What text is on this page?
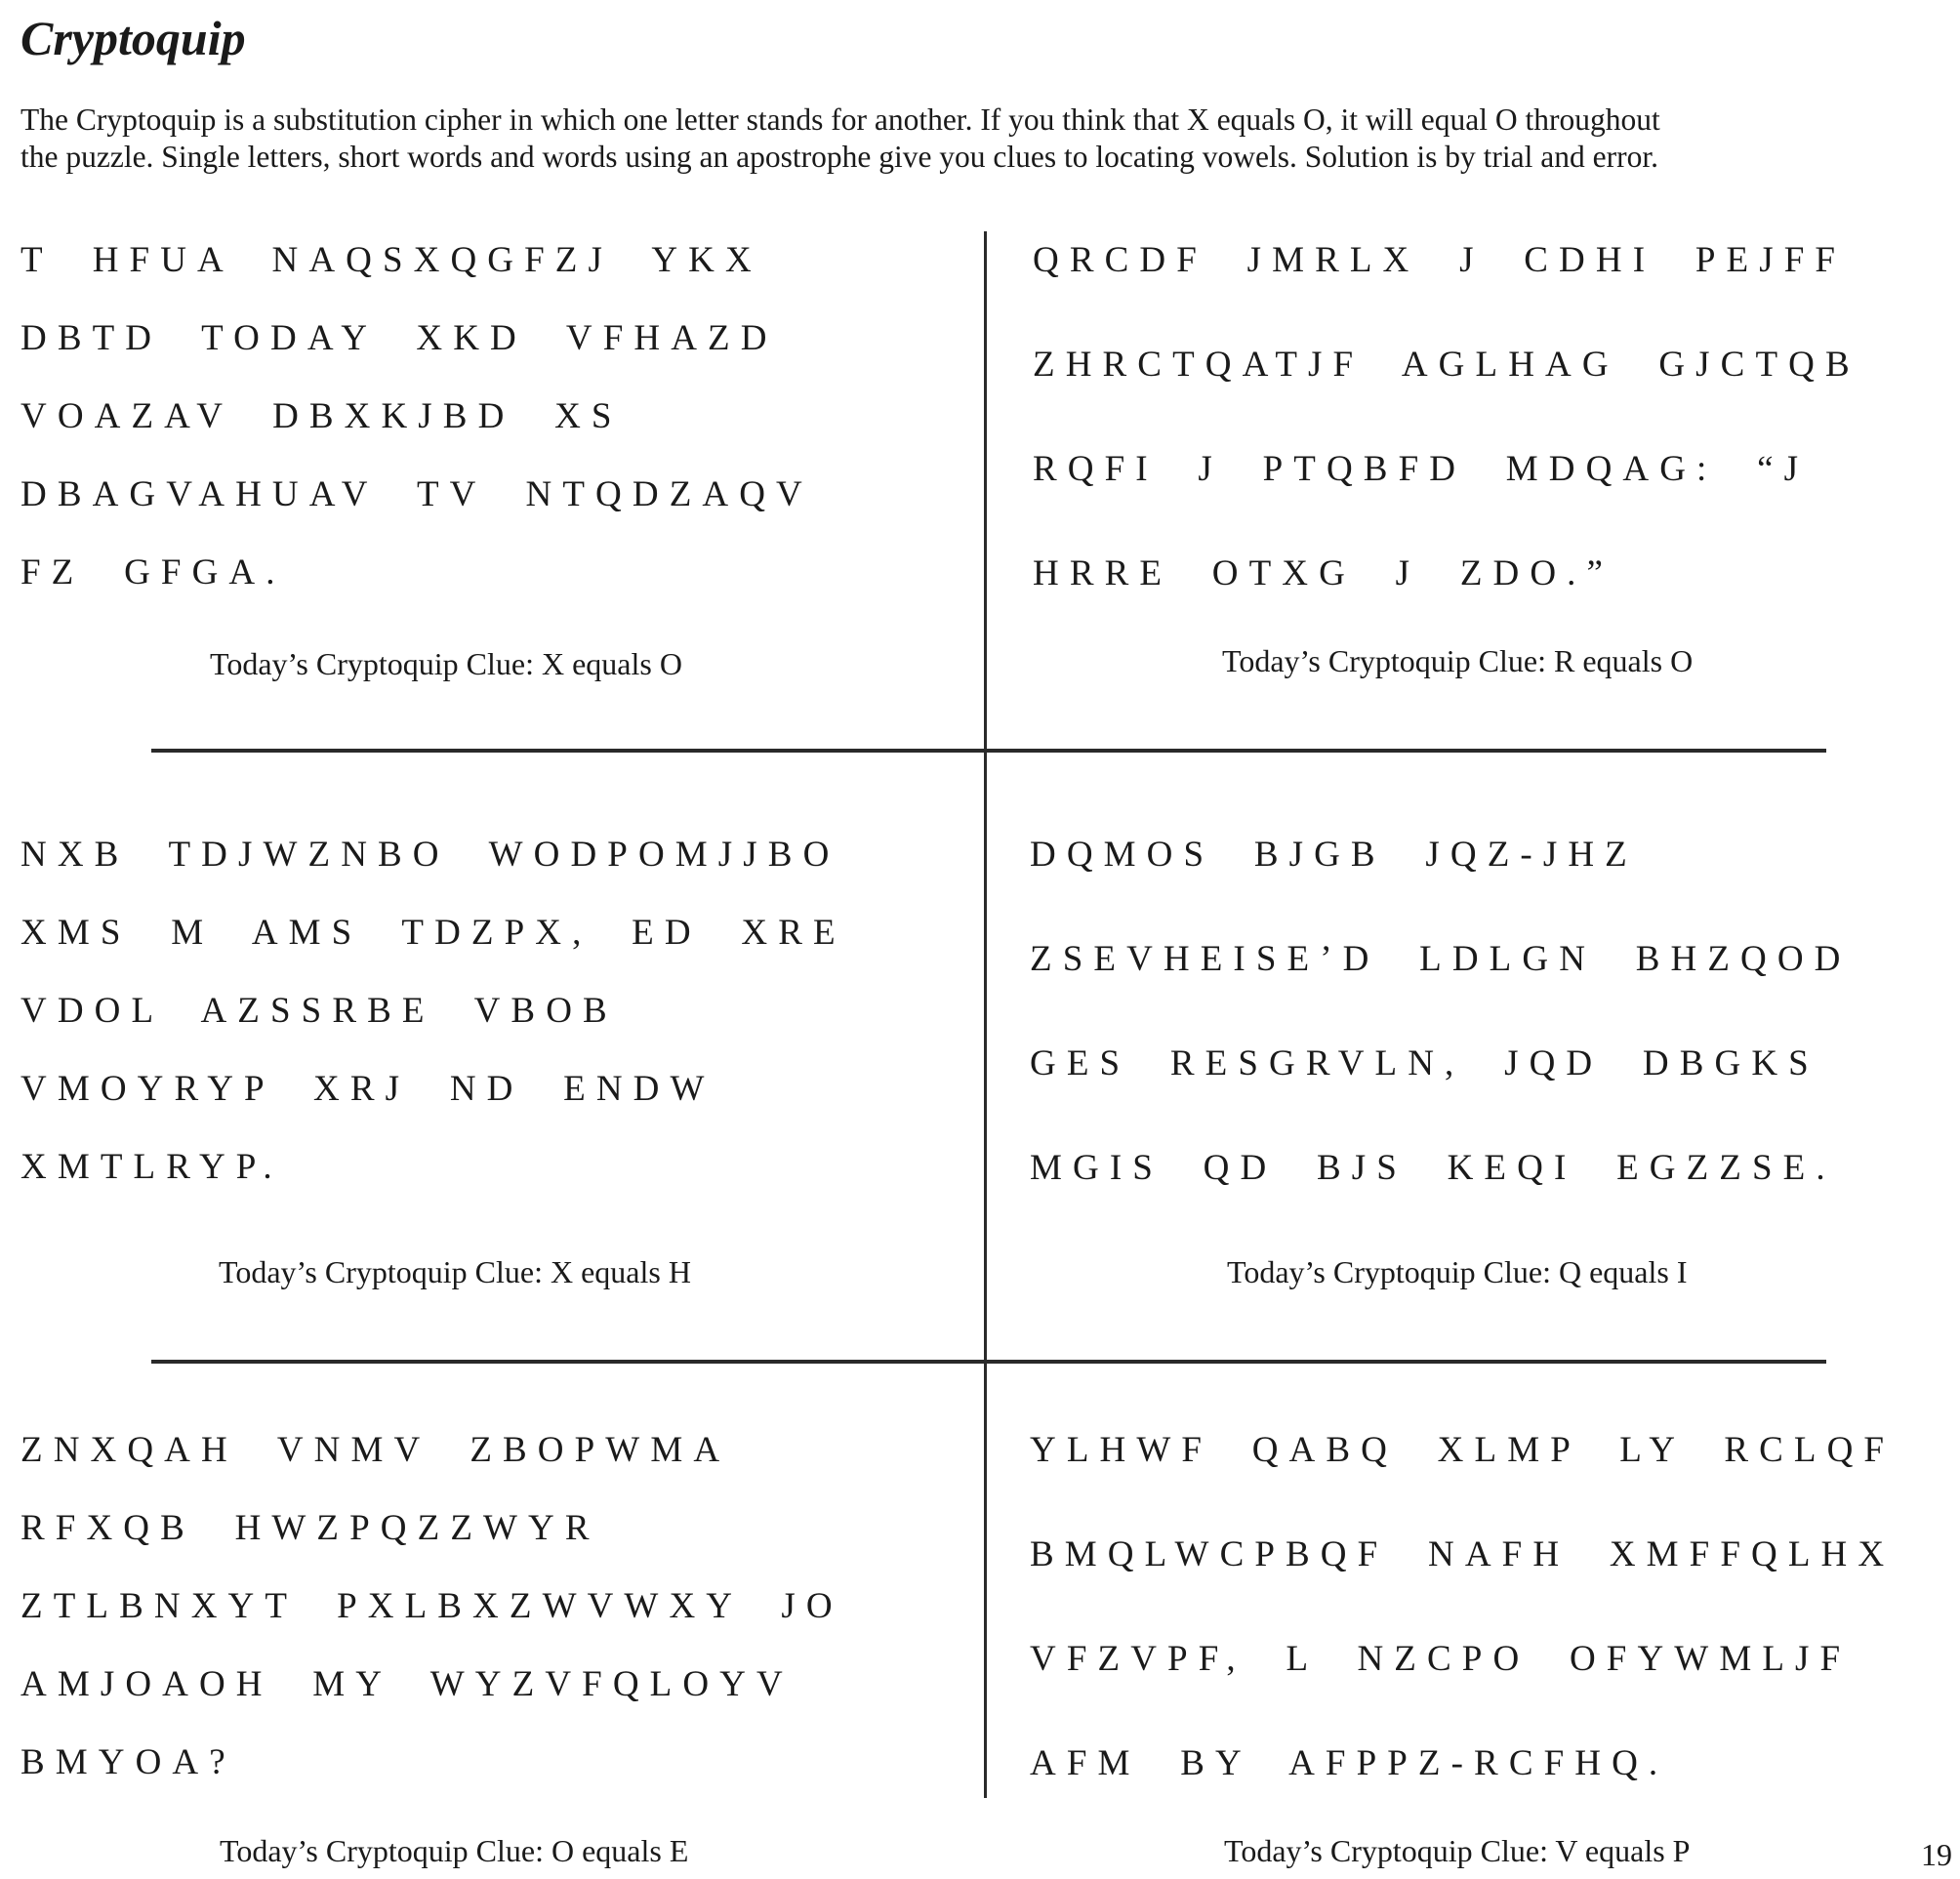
Cryptoquip
The Cryptoquip is a substitution cipher in which one letter stands for another. If you think that X equals O, it will equal O throughout
the puzzle. Single letters, short words and words using an apostrophe give you clues to locating vowels. Solution is by trial and error.
T  HFUA  NAQSXQGFZJ  YKX
DBTD  TODAY  XKD  VFHAZD
VOAZAV  DBXKJBD  XS
DBAGVAHUAV  TV  NTQDZAQV
FZ  GFGA.
Today’s Cryptoquip Clue: X equals O
QRCDF  JMRLX  J  CDHI  PEJFF
ZHRCTQATJF  AGLHAG  GJCTQB
RQFI  J  PTQBFD  MDQAG:  “J
HRRE  OTXG  J  ZDO.”
Today’s Cryptoquip Clue: R equals O
NXB  TDJWZNBO  WODPOMJJBO
XMS  M  AMS  TDZPX,  ED  XRE
VDOL  AZSSRBE  VBOB
VMOYRYP  XRJ  ND  ENDW
XMTLRYP.
Today’s Cryptoquip Clue: X equals H
DQMOS  BJGB  JQZ-JHZ
ZSEVHEISE’D  LDLGN  BHZQOD
GES  RESGRVLN,  JQD  DBGKS
MGIS  QD  BJS  KEQI  EGZZSE.
Today’s Cryptoquip Clue: Q equals I
ZNXQAH  VNMV  ZBOPWMA
RFXQB  HWZPQZZWYR
ZTLBNXYT  PXLBXZWVWXY  JO
AMJOAOH  MY  WYZVFQLOYV
BMYOA?
Today’s Cryptoquip Clue: O equals E
YLHWF  QABQ  XLMP  LY  RCLQF
BMQLWCPBQF  NAFH  XMFFQLHX
VFZVPF,  L  NZCPO  OFYWMLJF
AFM  BY  AFPPZ-RCFHQ.
Today’s Cryptoquip Clue: V equals P	19
